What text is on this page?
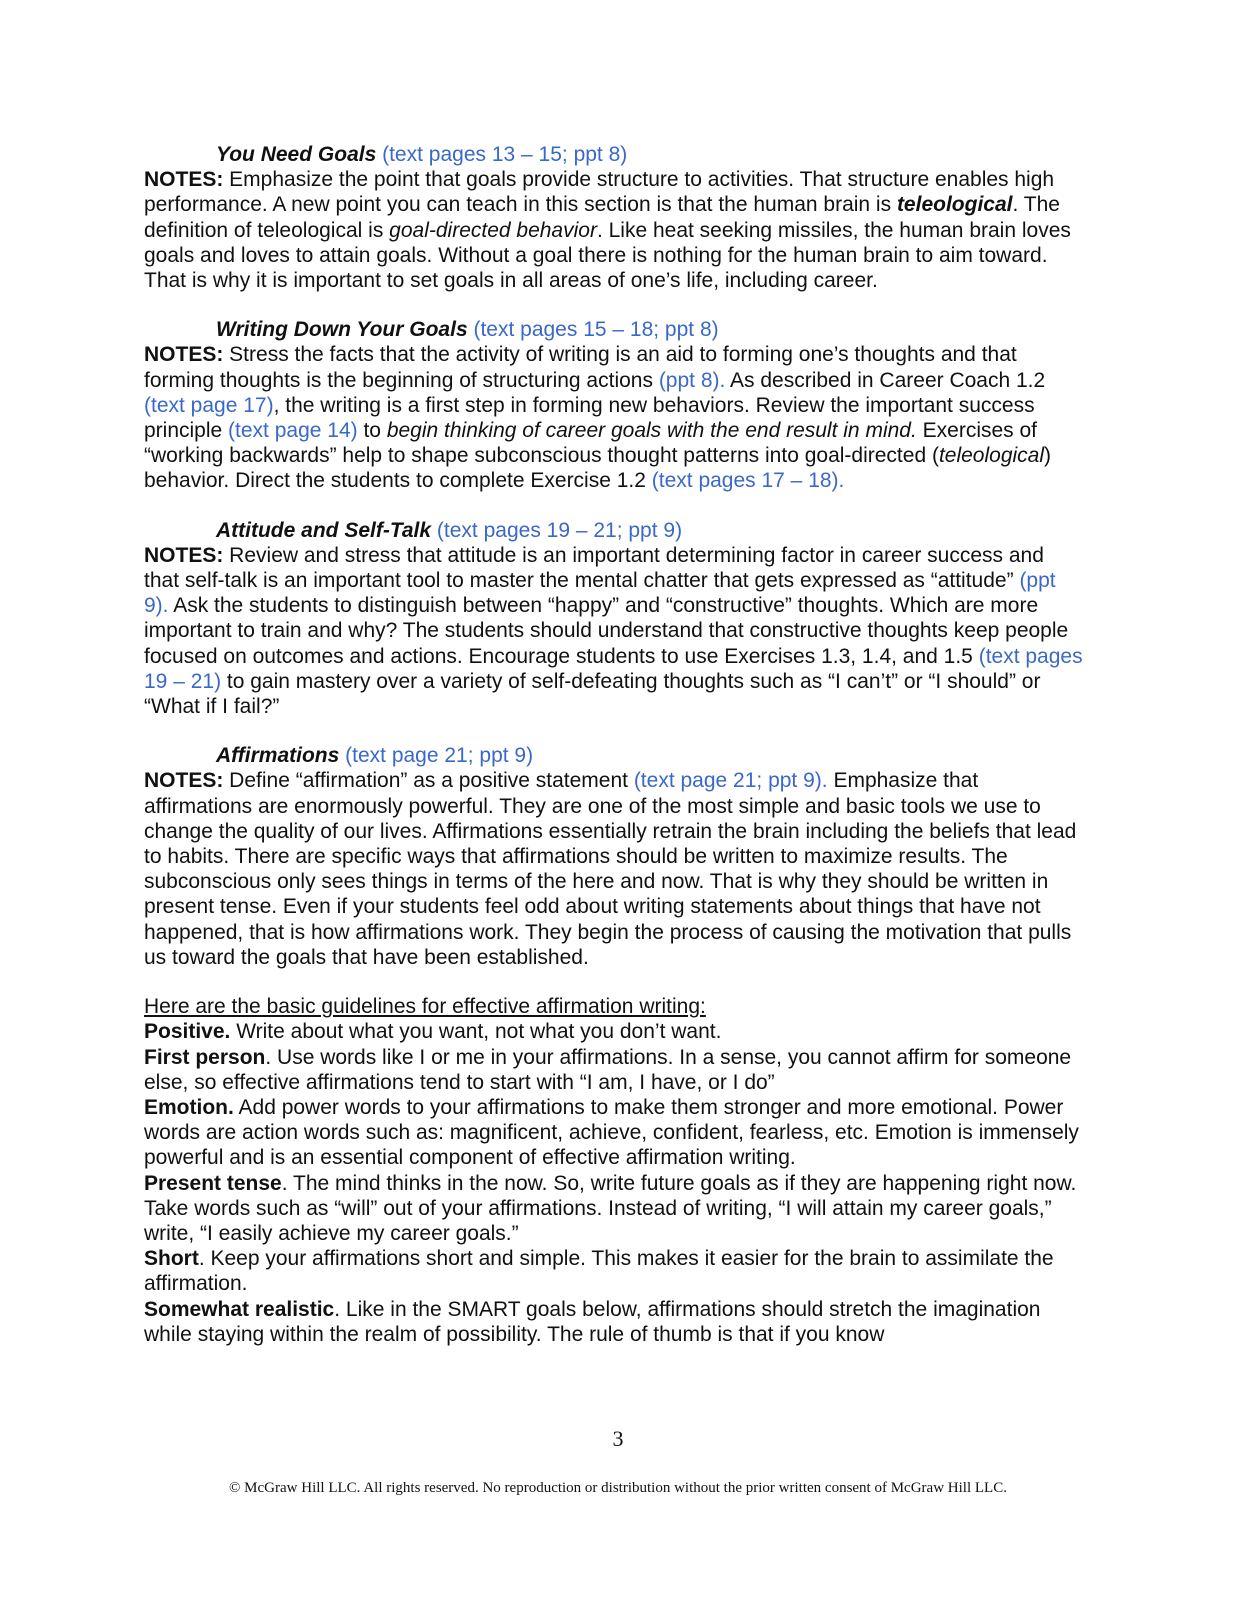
You Need Goals (text pages 13 – 15; ppt 8)

NOTES: Emphasize the point that goals provide structure to activities. That structure enables high performance. A new point you can teach in this section is that the human brain is teleological. The definition of teleological is goal-directed behavior. Like heat seeking missiles, the human brain loves goals and loves to attain goals. Without a goal there is nothing for the human brain to aim toward. That is why it is important to set goals in all areas of one’s life, including career.

Writing Down Your Goals (text pages 15 – 18; ppt 8)

NOTES: Stress the facts that the activity of writing is an aid to forming one’s thoughts and that forming thoughts is the beginning of structuring actions (ppt 8). As described in Career Coach 1.2 (text page 17), the writing is a first step in forming new behaviors. Review the important success principle (text page 14) to begin thinking of career goals with the end result in mind. Exercises of “working backwards” help to shape subconscious thought patterns into goal-directed (teleological) behavior. Direct the students to complete Exercise 1.2 (text pages 17 – 18).

Attitude and Self-Talk (text pages 19 – 21; ppt 9)

NOTES: Review and stress that attitude is an important determining factor in career success and that self-talk is an important tool to master the mental chatter that gets expressed as “attitude” (ppt 9). Ask the students to distinguish between “happy” and “constructive” thoughts. Which are more important to train and why? The students should understand that constructive thoughts keep people focused on outcomes and actions. Encourage students to use Exercises 1.3, 1.4, and 1.5 (text pages 19 – 21) to gain mastery over a variety of self-defeating thoughts such as “I can’t” or “I should” or “What if I fail?”

Affirmations (text page 21; ppt 9)

NOTES: Define “affirmation” as a positive statement (text page 21; ppt 9). Emphasize that affirmations are enormously powerful. They are one of the most simple and basic tools we use to change the quality of our lives. Affirmations essentially retrain the brain including the beliefs that lead to habits. There are specific ways that affirmations should be written to maximize results. The subconscious only sees things in terms of the here and now. That is why they should be written in present tense. Even if your students feel odd about writing statements about things that have not happened, that is how affirmations work. They begin the process of causing the motivation that pulls us toward the goals that have been established.

Here are the basic guidelines for effective affirmation writing:

Positive. Write about what you want, not what you don’t want.

First person. Use words like I or me in your affirmations. In a sense, you cannot affirm for someone else, so effective affirmations tend to start with “I am, I have, or I do”

Emotion. Add power words to your affirmations to make them stronger and more emotional. Power words are action words such as: magnificent, achieve, confident, fearless, etc. Emotion is immensely powerful and is an essential component of effective affirmation writing.

Present tense. The mind thinks in the now. So, write future goals as if they are happening right now. Take words such as “will” out of your affirmations. Instead of writing, “I will attain my career goals,” write, “I easily achieve my career goals.”

Short. Keep your affirmations short and simple. This makes it easier for the brain to assimilate the affirmation.

Somewhat realistic. Like in the SMART goals below, affirmations should stretch the imagination while staying within the realm of possibility. The rule of thumb is that if you know

3
© McGraw Hill LLC. All rights reserved. No reproduction or distribution without the prior written consent of McGraw Hill LLC.
